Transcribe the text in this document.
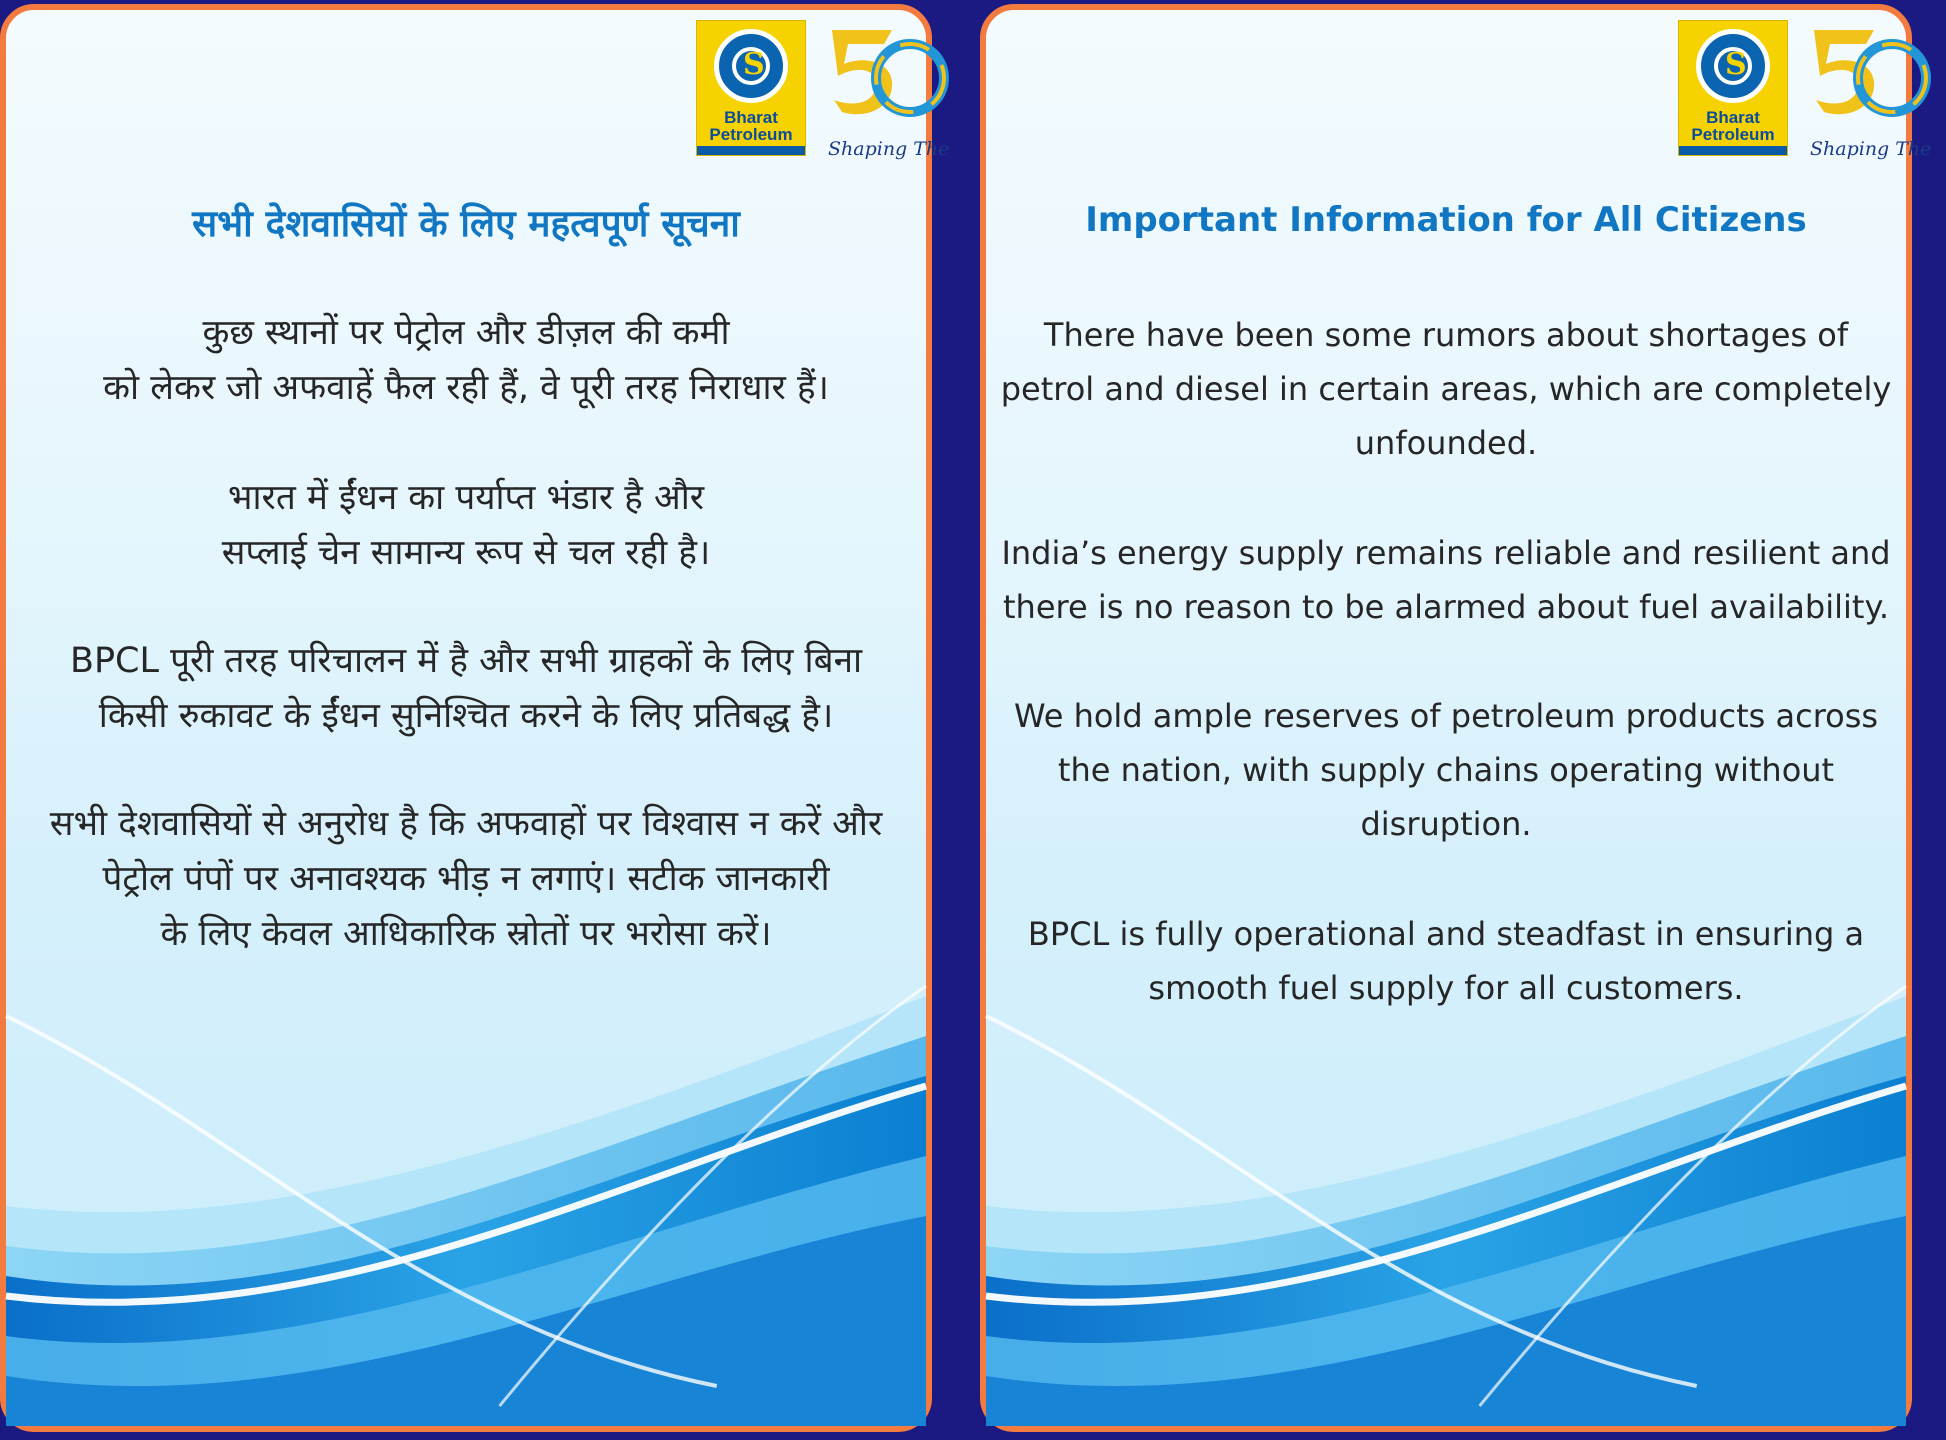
S
Bharat
Petroleum
Shaping The
सभी देशवासियों के लिए महत्वपूर्ण सूचना
कुछ स्थानों पर पेट्रोल और डीज़ल की कमी
को लेकर जो अफवाहें फैल रही हैं, वे पूरी तरह निराधार हैं।
भारत में ईंधन का पर्याप्त भंडार है और
सप्लाई चेन सामान्य रूप से चल रही है।
BPCL पूरी तरह परिचालन में है और सभी ग्राहकों के लिए बिना
किसी रुकावट के ईंधन सुनिश्चित करने के लिए प्रतिबद्ध है।
सभी देशवासियों से अनुरोध है कि अफवाहों पर विश्वास न करें और
पेट्रोल पंपों पर अनावश्यक भीड़ न लगाएं। सटीक जानकारी
के लिए केवल आधिकारिक स्रोतों पर भरोसा करें।
S
Bharat
Petroleum
Shaping The
Important Information for All Citizens
There have been some rumors about shortages of
petrol and diesel in certain areas, which are completely
unfounded.
India’s energy supply remains reliable and resilient and
there is no reason to be alarmed about fuel availability.
We hold ample reserves of petroleum products across
the nation, with supply chains operating without
disruption.
BPCL is fully operational and steadfast in ensuring a
smooth fuel supply for all customers.
